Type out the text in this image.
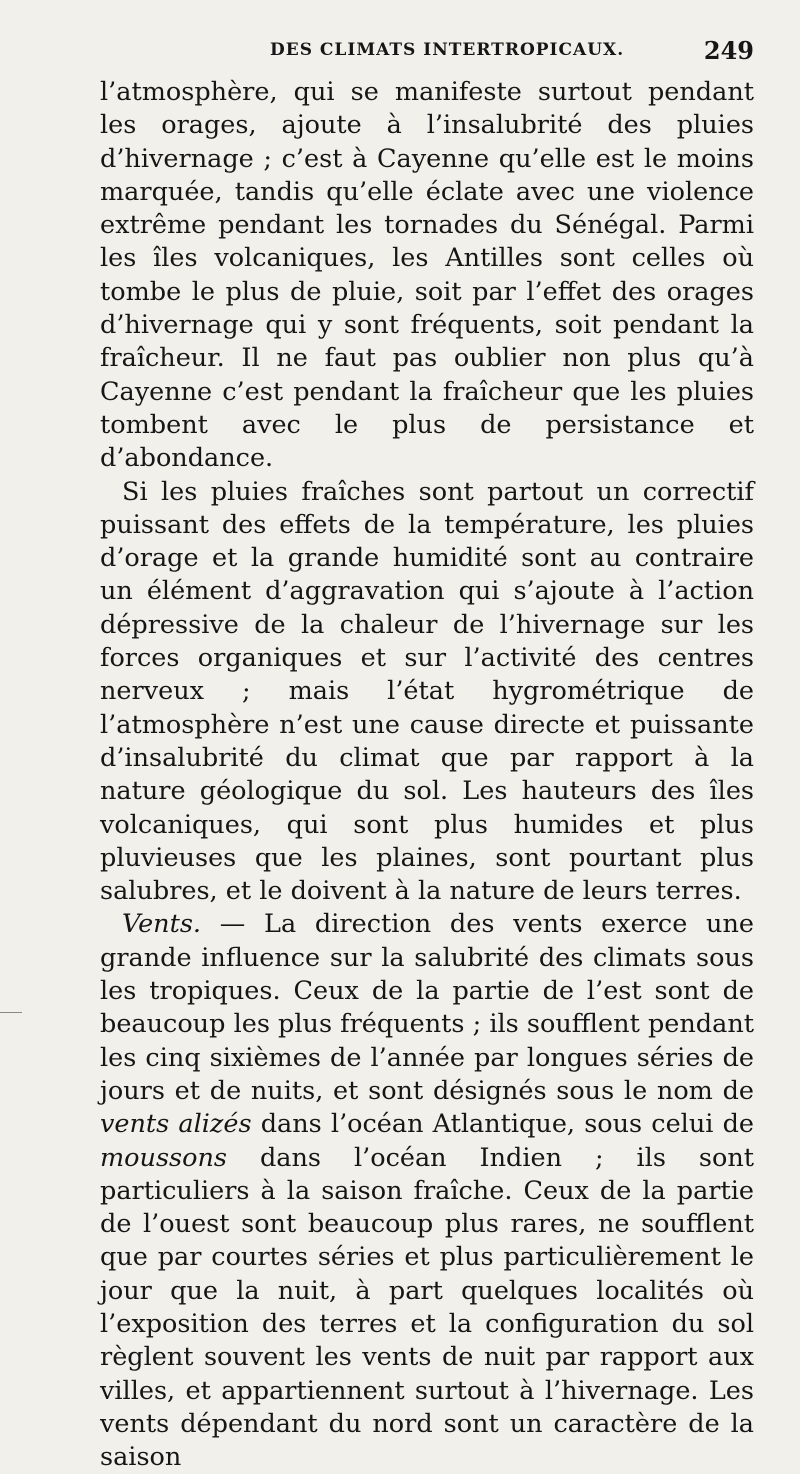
DES CLIMATS INTERTROPICAUX.	249

l’atmosphère, qui se manifeste surtout pendant les orages, ajoute à l’insalubrité des pluies d’hivernage ; c’est à Cayenne qu’elle est le moins marquée, tandis qu’elle éclate avec une violence extrême pendant les tornades du Sénégal. Parmi les îles volcaniques, les Antilles sont celles où tombe le plus de pluie, soit par l’effet des orages d’hivernage qui y sont fréquents, soit pendant la fraîcheur. Il ne faut pas oublier non plus qu’à Cayenne c’est pendant la fraîcheur que les pluies tombent avec le plus de persistance et d’abondance.

Si les pluies fraîches sont partout un correctif puissant des effets de la température, les pluies d’orage et la grande humidité sont au contraire un élément d’aggravation qui s’ajoute à l’action dépressive de la chaleur de l’hivernage sur les forces organiques et sur l’activité des centres nerveux ; mais l’état hygrométrique de l’atmosphère n’est une cause directe et puissante d’insalubrité du climat que par rapport à la nature géologique du sol. Les hauteurs des îles volcaniques, qui sont plus humides et plus pluvieuses que les plaines, sont pourtant plus salubres, et le doivent à la nature de leurs terres.

Vents. — La direction des vents exerce une grande influence sur la salubrité des climats sous les tropiques. Ceux de la partie de l’est sont de beaucoup les plus fréquents ; ils soufflent pendant les cinq sixièmes de l’année par longues séries de jours et de nuits, et sont désignés sous le nom de vents alizés dans l’océan Atlantique, sous celui de moussons dans l’océan Indien ; ils sont particuliers à la saison fraîche. Ceux de la partie de l’ouest sont beaucoup plus rares, ne soufflent que par courtes séries et plus particulièrement le jour que la nuit, à part quelques localités où l’exposition des terres et la configuration du sol règlent souvent les vents de nuit par rapport aux villes, et appartiennent surtout à l’hivernage. Les vents dépendant du nord sont un caractère de la saison
